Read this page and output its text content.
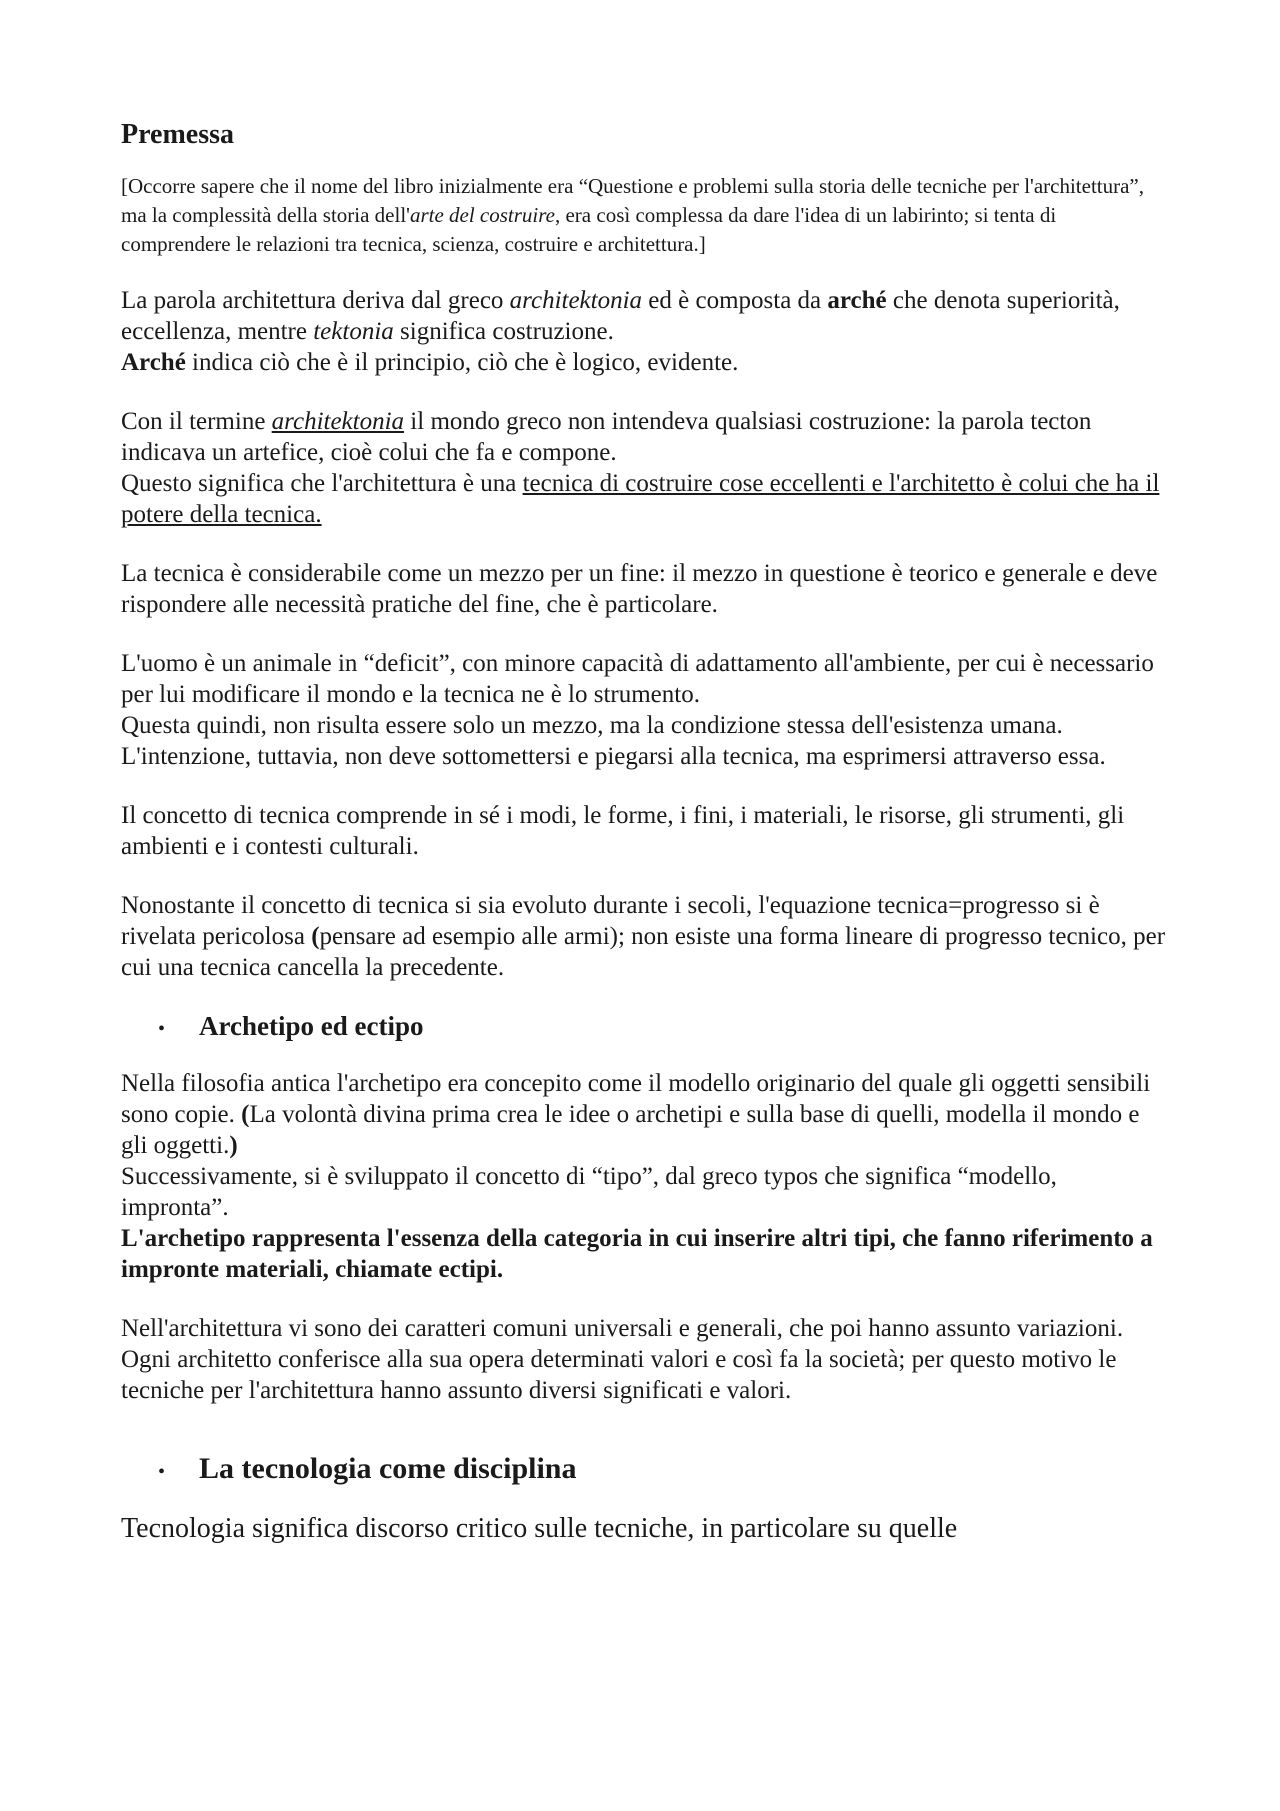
Premessa

[Occorre sapere che il nome del libro inizialmente era “Questione e problemi sulla storia delle tecniche per l'architettura”, ma la complessità della storia dell'arte del costruire, era così complessa da dare l'idea di un labirinto; si tenta di comprendere le relazioni tra tecnica, scienza, costruire e architettura.]

La parola architettura deriva dal greco architektonia ed è composta da arché che denota superiorità, eccellenza, mentre tektonia significa costruzione.
Arché indica ciò che è il principio, ciò che è logico, evidente.

Con il termine architektonia il mondo greco non intendeva qualsiasi costruzione: la parola tecton indicava un artefice, cioè colui che fa e compone.
Questo significa che l'architettura è una tecnica di costruire cose eccellenti e l'architetto è colui che ha il potere della tecnica.

La tecnica è considerabile come un mezzo per un fine: il mezzo in questione è teorico e generale e deve rispondere alle necessità pratiche del fine, che è particolare.

L'uomo è un animale in “deficit”, con minore capacità di adattamento all'ambiente, per cui è necessario per lui modificare il mondo e la tecnica ne è lo strumento.
Questa quindi, non risulta essere solo un mezzo, ma la condizione stessa dell'esistenza umana.
L'intenzione, tuttavia, non deve sottomettersi e piegarsi alla tecnica, ma esprimersi attraverso essa.

Il concetto di tecnica comprende in sé i modi, le forme, i fini, i materiali, le risorse, gli strumenti, gli ambienti e i contesti culturali.

Nonostante il concetto di tecnica si sia evoluto durante i secoli, l'equazione tecnica=progresso si è rivelata pericolosa (pensare ad esempio alle armi); non esiste una forma lineare di progresso tecnico, per cui una tecnica cancella la precedente.

•	Archetipo ed ectipo

Nella filosofia antica l'archetipo era concepito come il modello originario del quale gli oggetti sensibili sono copie. (La volontà divina prima crea le idee o archetipi e sulla base di quelli, modella il mondo e gli oggetti.)
Successivamente, si è sviluppato il concetto di “tipo”, dal greco typos che significa “modello, impronta”.
L'archetipo rappresenta l'essenza della categoria in cui inserire altri tipi, che fanno riferimento a impronte materiali, chiamate ectipi.

Nell'architettura vi sono dei caratteri comuni universali e generali, che poi hanno assunto variazioni. Ogni architetto conferisce alla sua opera determinati valori e così fa la società; per questo motivo le tecniche per l'architettura hanno assunto diversi significati e valori.

•	La tecnologia come disciplina

Tecnologia significa discorso critico sulle tecniche, in particolare su quelle
